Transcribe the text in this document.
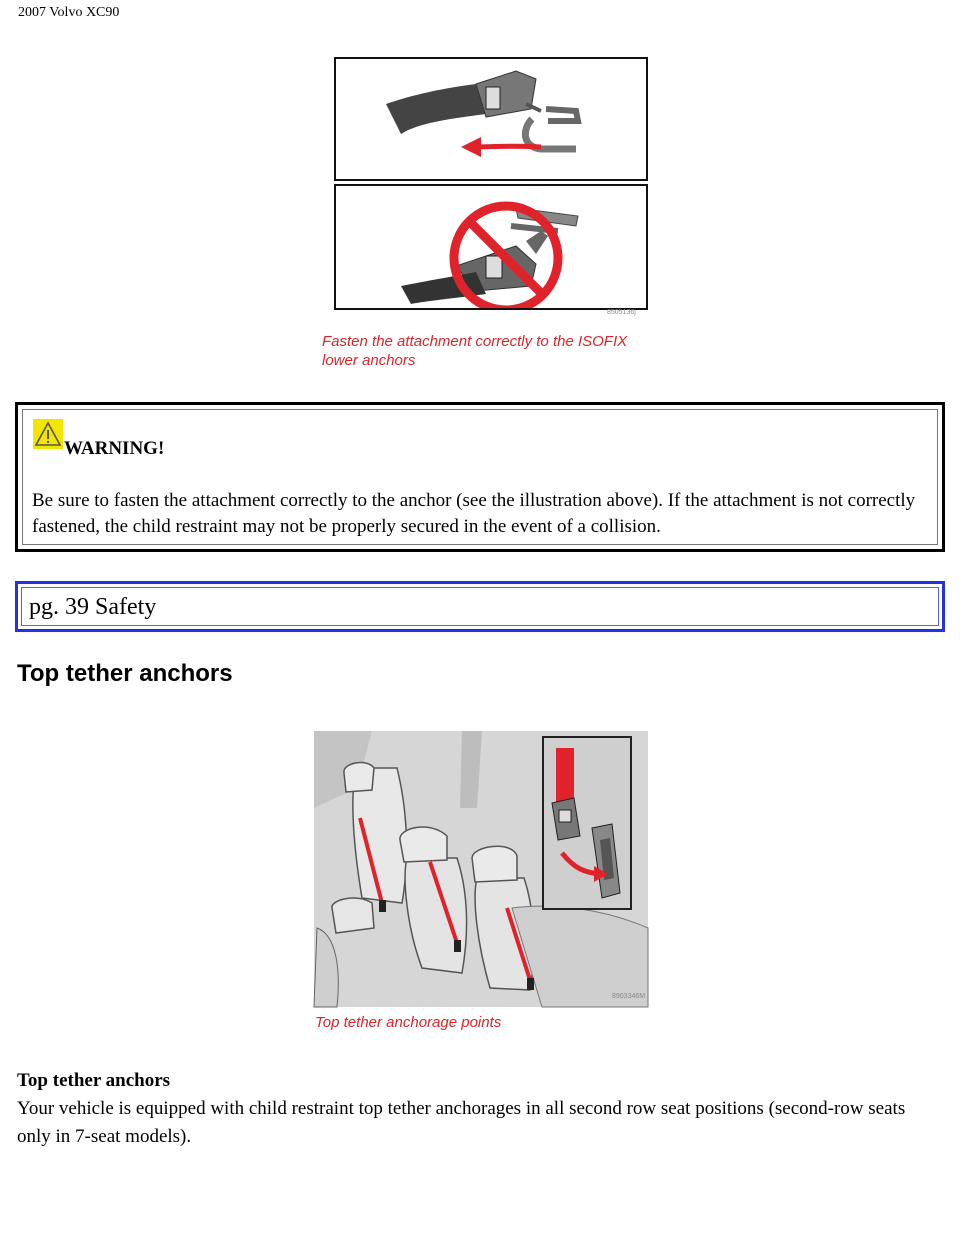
2007 Volvo XC90
8505136j
Fasten the attachment correctly to the ISOFIX lower anchors
WARNING!
Be sure to fasten the attachment correctly to the anchor (see the illustration above). If the attachment is not correctly fastened, the child restraint may not be properly secured in the event of a collision.
pg. 39 Safety
Top tether anchors
8903346M
Top tether anchorage points
Top tether anchors
Your vehicle is equipped with child restraint top tether anchorages in all second row seat positions (second-row seats only in 7-seat models).
